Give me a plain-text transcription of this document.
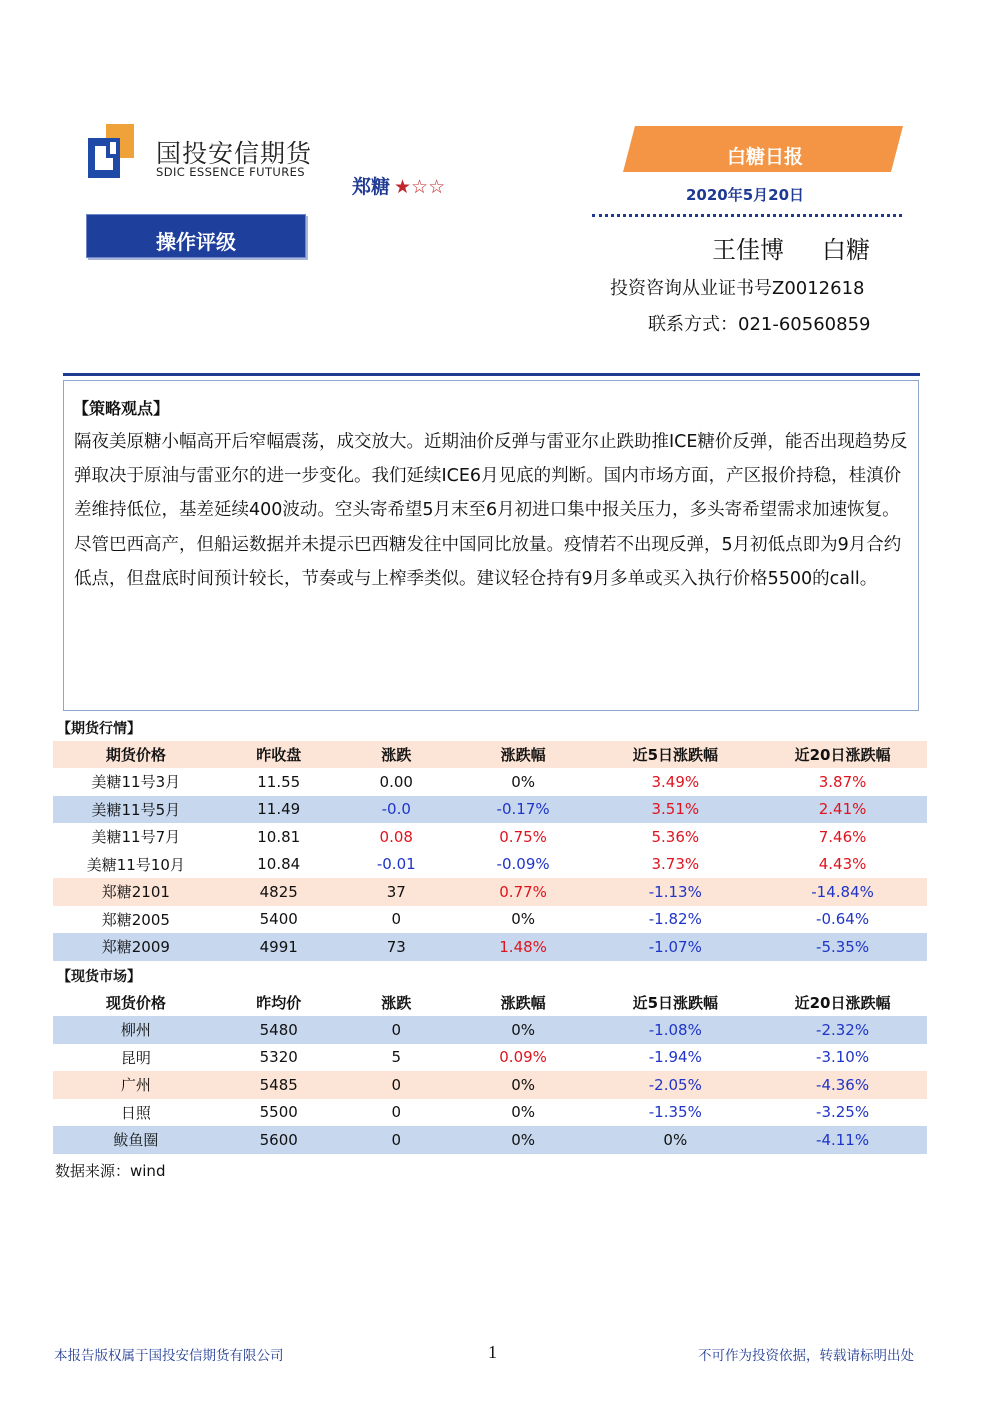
国投安信期货
SDIC ESSENCE FUTURES
郑糖 ★☆☆
操作评级
白糖日报
2020年5月20日
王佳博 白糖
投资咨询从业证书号Z0012618
联系方式：021-60560859
【策略观点】
隔夜美原糖小幅高开后窄幅震荡，成交放大。近期油价反弹与雷亚尔止跌助推ICE糖价反弹，能否出现趋势反弹取决于原油与雷亚尔的进一步变化。我们延续ICE6月见底的判断。国内市场方面，产区报价持稳，桂滇价差维持低位，基差延续400波动。空头寄希望5月末至6月初进口集中报关压力，多头寄希望需求加速恢复。尽管巴西高产，但船运数据并未提示巴西糖发往中国同比放量。疫情若不出现反弹，5月初低点即为9月合约低点，但盘底时间预计较长，节奏或与上榨季类似。建议轻仓持有9月多单或买入执行价格5500的call。
【期货行情】
期货价格	昨收盘	涨跌	涨跌幅	近5日涨跌幅	近20日涨跌幅
美糖11号3月	11.55	0.00	0%	3.49%	3.87%
美糖11号5月	11.49	-0.0	-0.17%	3.51%	2.41%
美糖11号7月	10.81	0.08	0.75%	5.36%	7.46%
美糖11号10月	10.84	-0.01	-0.09%	3.73%	4.43%
郑糖2101	4825	37	0.77%	-1.13%	-14.84%
郑糖2005	5400	0	0%	-1.82%	-0.64%
郑糖2009	4991	73	1.48%	-1.07%	-5.35%
【现货市场】
现货价格	昨均价	涨跌	涨跌幅	近5日涨跌幅	近20日涨跌幅
柳州	5480	0	0%	-1.08%	-2.32%
昆明	5320	5	0.09%	-1.94%	-3.10%
广州	5485	0	0%	-2.05%	-4.36%
日照	5500	0	0%	-1.35%	-3.25%
鲅鱼圈	5600	0	0%	0%	-4.11%
数据来源：wind
本报告版权属于国投安信期货有限公司	1	不可作为投资依据，转载请标明出处
